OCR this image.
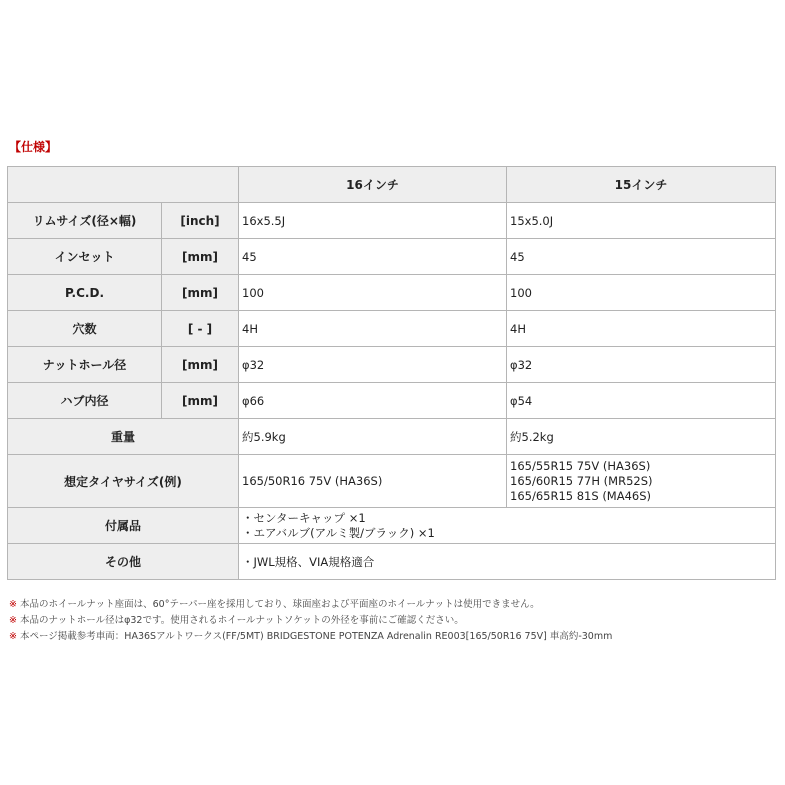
【仕様】
		16インチ	15インチ
リムサイズ(径×幅)	[inch]	16x5.5J	15x5.0J
インセット	[mm]	45	45
P.C.D.	[mm]	100	100
穴数	[ - ]	4H	4H
ナットホール径	[mm]	φ32	φ32
ハブ内径	[mm]	φ66	φ54
重量		約5.9kg	約5.2kg
想定タイヤサイズ(例)		165/50R16 75V (HA36S)	165/55R15 75V (HA36S)
165/60R15 77H (MR52S)
165/65R15 81S (MA46S)

付属品		・センターキャップ ×1
・エアバルブ(アルミ製/ブラック) ×1	

その他		・JWL規格、VIA規格適合	
※ 本品のホイールナット座面は、60°テーパー座を採用しており、球面座および平面座のホイールナットは使用できません。
※ 本品のナットホール径はφ32です。使用されるホイールナットソケットの外径を事前にご確認ください。
※ 本ページ掲載参考車両：HA36Sアルトワークス(FF/5MT) BRIDGESTONE POTENZA Adrenalin RE003[165/50R16 75V] 車高約-30mm
